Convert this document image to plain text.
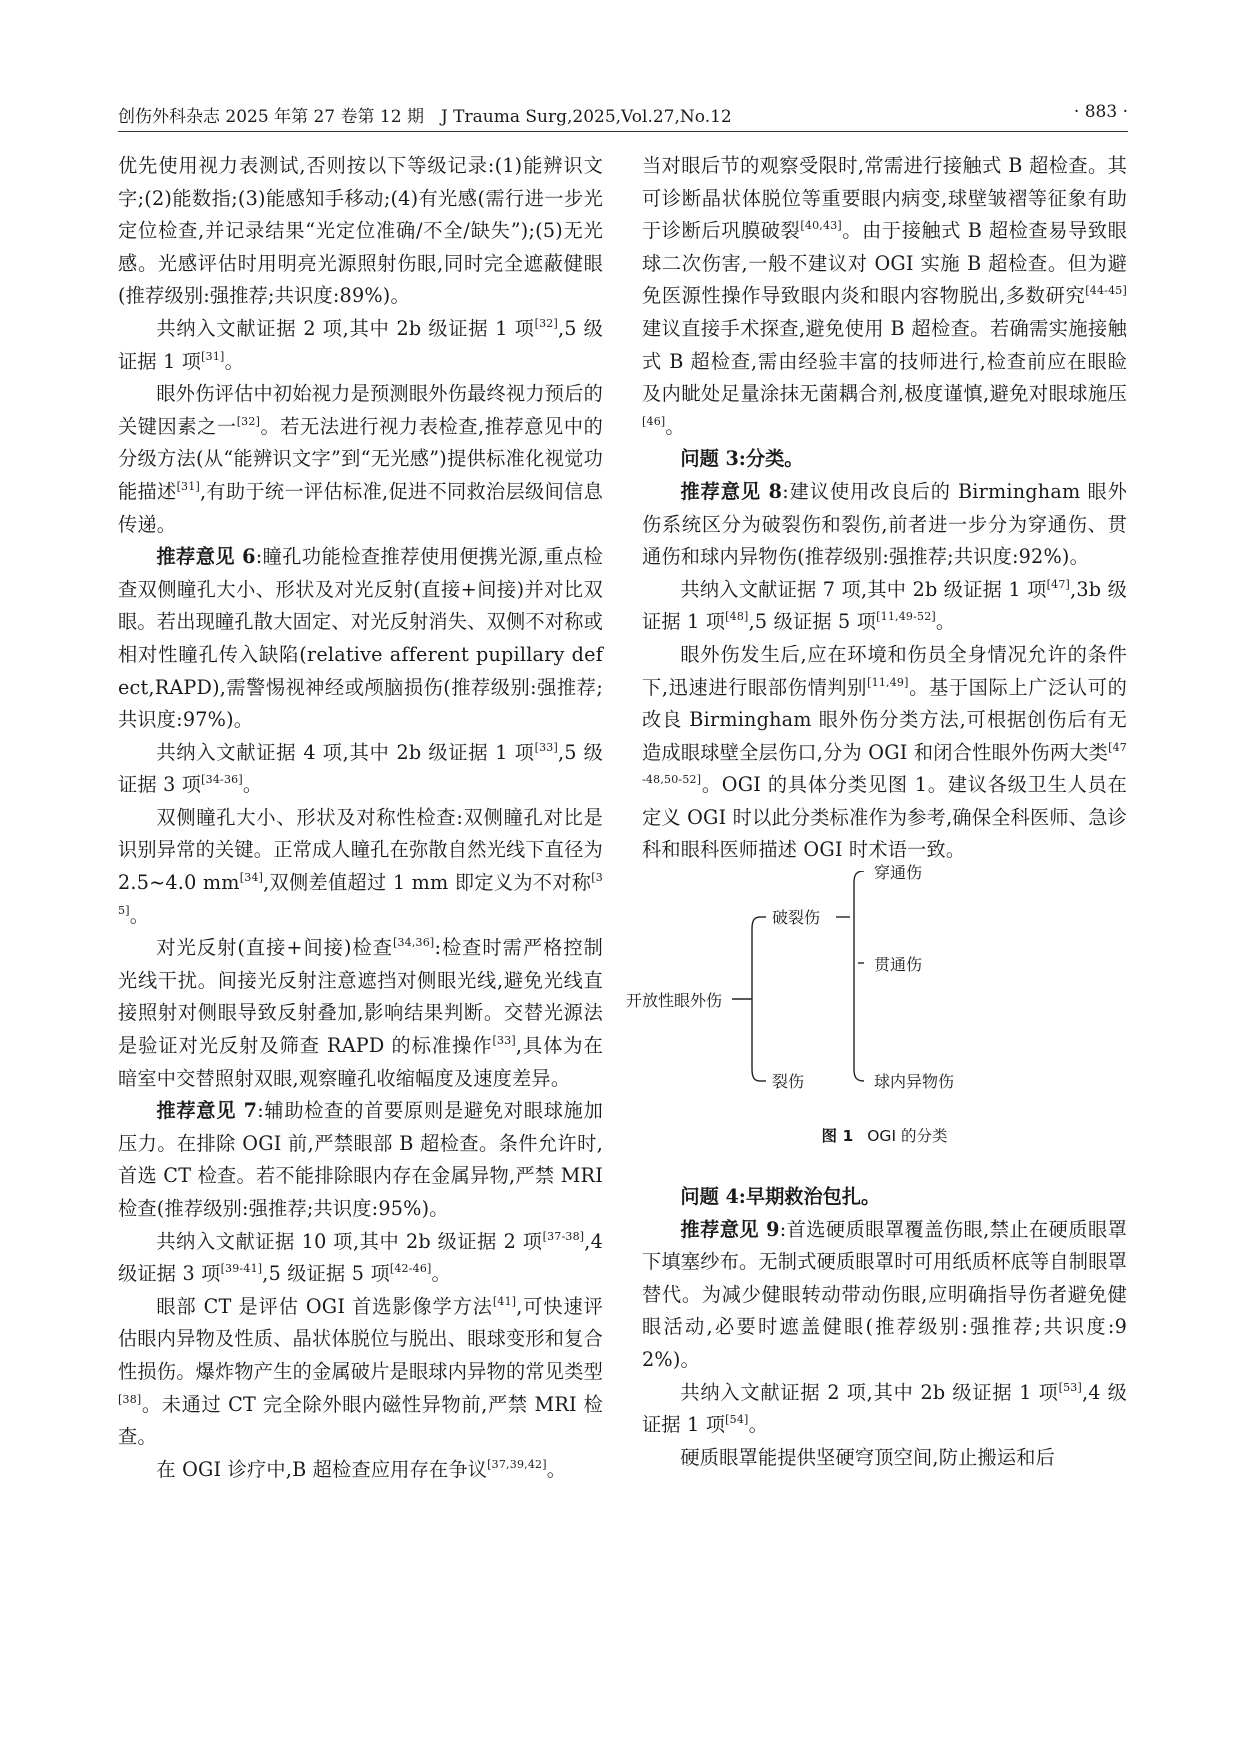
创伤外科杂志 2025 年第 27 卷第 12 期　J Trauma Surg,2025,Vol.27,No.12	· 883 ·

优先使用视力表测试,否则按以下等级记录:(1)能辨识文字;(2)能数指;(3)能感知手移动;(4)有光感(需行进一步光定位检查,并记录结果“光定位准确/不全/缺失”);(5)无光感。光感评估时用明亮光源照射伤眼,同时完全遮蔽健眼(推荐级别:强推荐;共识度:89%)。

共纳入文献证据 2 项,其中 2b 级证据 1 项[32],5 级证据 1 项[31]。

眼外伤评估中初始视力是预测眼外伤最终视力预后的关键因素之一[32]。若无法进行视力表检查,推荐意见中的分级方法(从“能辨识文字”到“无光感”)提供标准化视觉功能描述[31],有助于统一评估标准,促进不同救治层级间信息传递。

推荐意见 6:瞳孔功能检查推荐使用便携光源,重点检查双侧瞳孔大小、形状及对光反射(直接+间接)并对比双眼。若出现瞳孔散大固定、对光反射消失、双侧不对称或相对性瞳孔传入缺陷(relative afferent pupillary defect,RAPD),需警惕视神经或颅脑损伤(推荐级别:强推荐;共识度:97%)。

共纳入文献证据 4 项,其中 2b 级证据 1 项[33],5 级证据 3 项[34-36]。

双侧瞳孔大小、形状及对称性检查:双侧瞳孔对比是识别异常的关键。正常成人瞳孔在弥散自然光线下直径为 2.5~4.0 mm[34],双侧差值超过 1 mm 即定义为不对称[35]。

对光反射(直接+间接)检查[34,36]:检查时需严格控制光线干扰。间接光反射注意遮挡对侧眼光线,避免光线直接照射对侧眼导致反射叠加,影响结果判断。交替光源法是验证对光反射及筛查 RAPD 的标准操作[33],具体为在暗室中交替照射双眼,观察瞳孔收缩幅度及速度差异。

推荐意见 7:辅助检查的首要原则是避免对眼球施加压力。在排除 OGI 前,严禁眼部 B 超检查。条件允许时,首选 CT 检查。若不能排除眼内存在金属异物,严禁 MRI 检查(推荐级别:强推荐;共识度:95%)。

共纳入文献证据 10 项,其中 2b 级证据 2 项[37-38],4 级证据 3 项[39-41],5 级证据 5 项[42-46]。

眼部 CT 是评估 OGI 首选影像学方法[41],可快速评估眼内异物及性质、晶状体脱位与脱出、眼球变形和复合性损伤。爆炸物产生的金属破片是眼球内异物的常见类型[38]。未通过 CT 完全除外眼内磁性异物前,严禁 MRI 检查。

在 OGI 诊疗中,B 超检查应用存在争议[37,39,42]。

当对眼后节的观察受限时,常需进行接触式 B 超检查。其可诊断晶状体脱位等重要眼内病变,球壁皱褶等征象有助于诊断后巩膜破裂[40,43]。由于接触式 B 超检查易导致眼球二次伤害,一般不建议对 OGI 实施 B 超检查。但为避免医源性操作导致眼内炎和眼内容物脱出,多数研究[44-45]建议直接手术探查,避免使用 B 超检查。若确需实施接触式 B 超检查,需由经验丰富的技师进行,检查前应在眼睑及内眦处足量涂抹无菌耦合剂,极度谨慎,避免对眼球施压[46]。

问题 3:分类。

推荐意见 8:建议使用改良后的 Birmingham 眼外伤系统区分为破裂伤和裂伤,前者进一步分为穿通伤、贯通伤和球内异物伤(推荐级别:强推荐;共识度:92%)。

共纳入文献证据 7 项,其中 2b 级证据 1 项[47],3b 级证据 1 项[48],5 级证据 5 项[11,49-52]。

眼外伤发生后,应在环境和伤员全身情况允许的条件下,迅速进行眼部伤情判别[11,49]。基于国际上广泛认可的改良 Birmingham 眼外伤分类方法,可根据创伤后有无造成眼球壁全层伤口,分为 OGI 和闭合性眼外伤两大类[47-48,50-52]。OGI 的具体分类见图 1。建议各级卫生人员在定义 OGI 时以此分类标准作为参考,确保全科医师、急诊科和眼科医师描述 OGI 时术语一致。

开放性眼外伤
破裂伤
裂伤
穿通伤
贯通伤
球内异物伤
图 1 OGI 的分类

问题 4:早期救治包扎。

推荐意见 9:首选硬质眼罩覆盖伤眼,禁止在硬质眼罩下填塞纱布。无制式硬质眼罩时可用纸质杯底等自制眼罩替代。为减少健眼转动带动伤眼,应明确指导伤者避免健眼活动,必要时遮盖健眼(推荐级别:强推荐;共识度:92%)。

共纳入文献证据 2 项,其中 2b 级证据 1 项[53],4 级证据 1 项[54]。

硬质眼罩能提供坚硬穹顶空间,防止搬运和后
